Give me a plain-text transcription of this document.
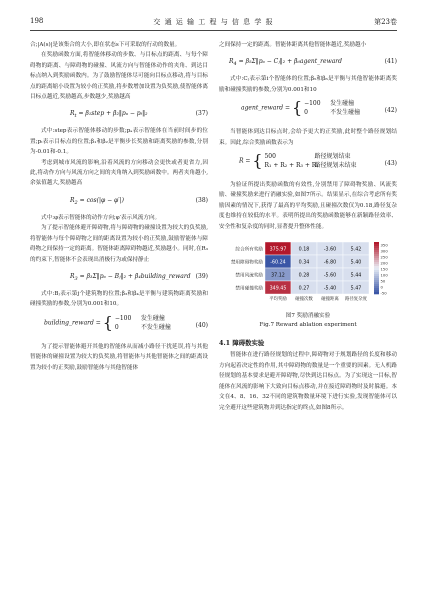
198	交 通 运 输 工 程 与 信 息 学 报	第23卷

合;|A(s)|是该集合的大小,即在状态s下可采取的行动的数量。

在奖励函数方面,将智能体移动的步数、与目标点的距离、与每个障碍物的距离、与障碍物的碰撞、风流方向与智能体动作的夹角、到达目标点纳入到奖励函数内。为了鼓励智能体尽可能向目标点移动,将与目标点的距离缩小设置为较小的正奖励,将步数增加设置为负奖励,使智能体离目标点越近,奖励越高,步数越少,奖励越高

$R_t$ = β₁step + β₂‖pₐ − pₜ‖₂	(37)

式中:step表示智能体移动的步数;pₐ表示智能体在当前时间步的位置;pₜ表示目标点的位置;β₁和β₂是平衡步长奖励和距离奖励的参数,分别为-0.01和-0.1。

考虑到城市风流的影响,沿着风流的方向移动会更快或者更省力,因此,将动作方向与风流方向之间的夹角纳入到奖励函数中。两者夹角越小,余弦值越大,奖励越高

$R_2 = \cos(|\varphi - \varphi'|)$	(38)

式中:φ表示智能体的动作方向;φ′表示风流方向。

为了提示智能体避开障碍物,将与障碍物的碰撞设置为较大的负奖励,将智能体与每个障碍物之间的距离设置为较小的正奖励,鼓励智能体与障碍物之间保持一定的距离。智能体距离障碍物越近,奖励越小。同时,在R₃的约束下,智能体不会表现出消极行为或保持静止

$R_3$ = β₃Σ‖pₐ − Bⱼ‖₂ + β₄building_reward (39)

式中:Bⱼ表示第j个建筑物的位置;β₃和β₄是平衡与建筑物距离奖励和碰撞奖励的参数,分别为0.001和10。

building_reward = { −100 发生碰撞
0	不发生碰撞	(40)

为了提示智能体避开其他的智能体从而减小路径干扰延误,将与其他智能体的碰撞设置为较大的负奖励,将智能体与其他智能体之间的距离设置为较小的正奖励,鼓励智能体与其他智能体

之间保持一定的距离。智能体距离其他智能体越近,奖励越小

$R_4$ = β₅Σ‖pₐ − Cⱼ‖₂ + β₆agent_reward	(41)

式中:Cⱼ表示第i个智能体的位置;β₅和β₆是平衡与其他智能体距离奖励和碰撞奖励的参数,分别为0.001和10

agent_reward = { −100 发生碰撞
0	不发生碰撞	(42)

当智能体到达目标点时,会给予更大的正奖励,此时整个路径规划结束。因此,综合奖励函数表示为

R = { 500	路径规划结束
R₁ + R₂ + R₃ + R₄路径规划未结束	(43)

为验证所提出奖励函数的有效性,分别禁用了障碍物奖励、风流奖励、碰撞奖励来进行消融实验,如图7所示。结果显示,在综合考虑所有奖励因素的情况下,获得了最高的平均奖励,且碰撞次数仅为0.18,路径复杂度也维持在较低的水平。表明所提出的奖励函数能够在新颖路径效率、安全性和复杂度的同时,显著提升整体性能。

综合所有奖励 375.97	0.18	-3.60	5.42
禁用障碍物奖励 -60.24	0.34	-6.80	5.40
禁用风流奖励 37.12	0.28	-5.60	5.44
禁用碰撞奖励 349.45	0.27	-5.40	5.47
平均奖励 碰撞次数 碰撞距离 路径复杂度
350
300
250
200
150
100
50
0
-50
图7 奖励消融实验
Fig.7 Reward ablation experiment
4.1 障碍数实验

智能体在进行路径规划的过程中,障碍物对于规划路径的长度和移动方向起着决定性的作用,其中障碍物的数量是一个重要的因素。无人机路径规划的基本要求是避开障碍物,尽快到达目标点。为了实现这一目标,智能体在风流的影响下大致向目标点移动,并在接近障碍物时及时躲避。本文在4、8、16、32不同的建筑物数量环境下进行实验,发现智能体可以完全避开这些建筑物并到达指定的终点,如图8所示。
